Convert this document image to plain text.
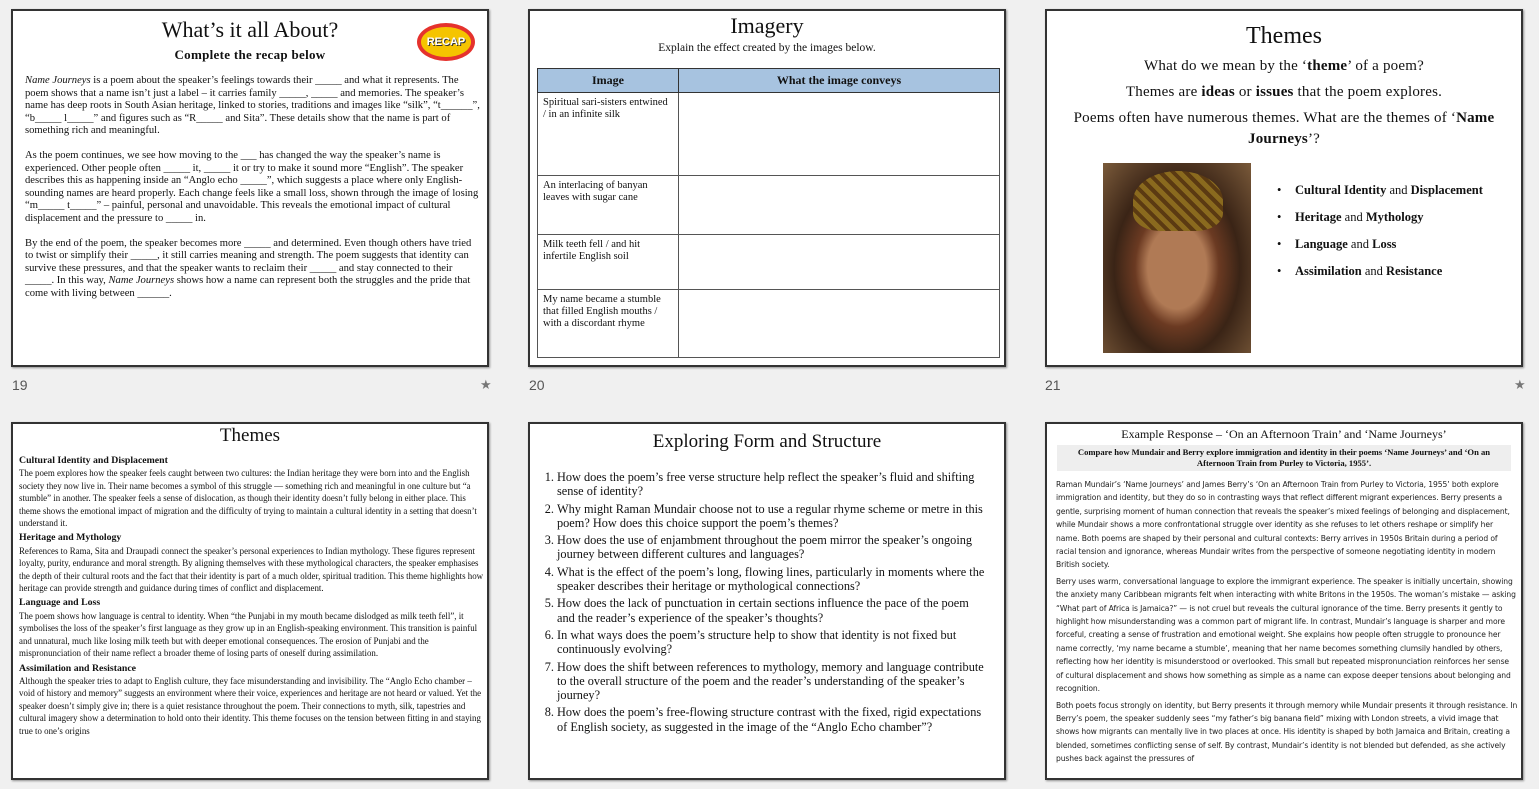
What’s it all About?
Complete the recap below
RECAP

Name Journeys is a poem about the speaker’s feelings towards their _____ and what it represents. The poem shows that a name isn’t just a label – it carries family _____, _____ and memories. The speaker’s name has deep roots in South Asian heritage, linked to stories, traditions and images like “silk”, “t______”, “b_____ l_____” and figures such as “R_____ and Sita”. These details show that the name is part of something rich and meaningful.

As the poem continues, we see how moving to the ___ has changed the way the speaker’s name is experienced. Other people often _____ it, _____ it or try to make it sound more “English”. The speaker describes this as happening inside an “Anglo echo _____”, which suggests a place where only English-sounding names are heard properly. Each change feels like a small loss, shown through the image of losing “m_____ t_____” – painful, personal and unavoidable. This reveals the emotional impact of cultural displacement and the pressure to _____ in.

By the end of the poem, the speaker becomes more _____ and determined. Even though others have tried to twist or simplify their _____, it still carries meaning and strength. The poem suggests that identity can survive these pressures, and that the speaker wants to reclaim their _____ and stay connected to their _____. In this way, Name Journeys shows how a name can represent both the struggles and the pride that come with living between ______.

19	★
Imagery
Explain the effect created by the images below.
Image	What the image conveys
Spiritual sari-sisters entwined / in an infinite silk	
An interlacing of banyan leaves with sugar cane	
Milk teeth fell / and hit infertile English soil	
My name became a stumble that filled English mouths / with a discordant rhyme	
20
Themes

What do we mean by the ‘theme’ of a poem?

Themes are ideas or issues that the poem explores.

Poems often have numerous themes. What are the themes of ‘Name Journeys’?

• Cultural Identity and Displacement
• Heritage and Mythology
• Language and Loss
• Assimilation and Resistance
21	★
Themes
Cultural Identity and Displacement

The poem explores how the speaker feels caught between two cultures: the Indian heritage they were born into and the English society they now live in. Their name becomes a symbol of this struggle — something rich and meaningful in one culture but “a stumble” in another. The speaker feels a sense of dislocation, as though their identity doesn’t fully belong in either place. This theme shows the emotional impact of migration and the difficulty of trying to maintain a cultural identity in a setting that doesn’t understand it.

Heritage and Mythology

References to Rama, Sita and Draupadi connect the speaker’s personal experiences to Indian mythology. These figures represent loyalty, purity, endurance and moral strength. By aligning themselves with these mythological characters, the speaker emphasises the depth of their cultural roots and the fact that their identity is part of a much older, spiritual tradition. This theme highlights how heritage can provide strength and guidance during times of conflict and displacement.

Language and Loss

The poem shows how language is central to identity. When “the Punjabi in my mouth became dislodged as milk teeth fell”, it symbolises the loss of the speaker’s first language as they grow up in an English-speaking environment. This transition is painful and unnatural, much like losing milk teeth but with deeper emotional consequences. The erosion of Punjabi and the mispronunciation of their name reflect a broader theme of losing parts of oneself during assimilation.

Assimilation and Resistance

Although the speaker tries to adapt to English culture, they face misunderstanding and invisibility. The “Anglo Echo chamber – void of history and memory” suggests an environment where their voice, experiences and heritage are not heard or valued. Yet the speaker doesn’t simply give in; there is a quiet resistance throughout the poem. Their connections to myth, silk, tapestries and cultural imagery show a determination to hold onto their identity. This theme focuses on the tension between fitting in and staying true to one’s origins

Exploring Form and Structure
1. How does the poem’s free verse structure help reflect the speaker’s fluid and shifting sense of identity?
2. Why might Raman Mundair choose not to use a regular rhyme scheme or metre in this poem? How does this choice support the poem’s themes?
3. How does the use of enjambment throughout the poem mirror the speaker’s ongoing journey between different cultures and languages?
4. What is the effect of the poem’s long, flowing lines, particularly in moments where the speaker describes their heritage or mythological connections?
5. How does the lack of punctuation in certain sections influence the pace of the poem and the reader’s experience of the speaker’s thoughts?
6. In what ways does the poem’s structure help to show that identity is not fixed but continuously evolving?
7. How does the shift between references to mythology, memory and language contribute to the overall structure of the poem and the reader’s understanding of the speaker’s journey?
8. How does the poem’s free-flowing structure contrast with the fixed, rigid expectations of English society, as suggested in the image of the “Anglo Echo chamber”?
Example Response – ‘On an Afternoon Train’ and ‘Name Journeys’
Compare how Mundair and Berry explore immigration and identity in their poems ‘Name Journeys’ and ‘On an Afternoon Train from Purley to Victoria, 1955’.

Raman Mundair’s ‘Name Journeys’ and James Berry’s ‘On an Afternoon Train from Purley to Victoria, 1955’ both explore immigration and identity, but they do so in contrasting ways that reflect different migrant experiences. Berry presents a gentle, surprising moment of human connection that reveals the speaker’s mixed feelings of belonging and displacement, while Mundair shows a more confrontational struggle over identity as she refuses to let others reshape or simplify her name. Both poems are shaped by their personal and cultural contexts: Berry arrives in 1950s Britain during a period of racial tension and ignorance, whereas Mundair writes from the perspective of someone negotiating identity in modern British society.

Berry uses warm, conversational language to explore the immigrant experience. The speaker is initially uncertain, showing the anxiety many Caribbean migrants felt when interacting with white Britons in the 1950s. The woman’s mistake — asking “What part of Africa is Jamaica?” — is not cruel but reveals the cultural ignorance of the time. Berry presents it gently to highlight how misunderstanding was a common part of migrant life. In contrast, Mundair’s language is sharper and more forceful, creating a sense of frustration and emotional weight. She explains how people often struggle to pronounce her name correctly, ‘my name became a stumble’, meaning that her name becomes something clumsily handled by others, reflecting how her identity is misunderstood or overlooked. This small but repeated mispronunciation reinforces her sense of cultural displacement and shows how something as simple as a name can expose deeper tensions about belonging and recognition.

Both poets focus strongly on identity, but Berry presents it through memory while Mundair presents it through resistance. In Berry’s poem, the speaker suddenly sees “my father’s big banana field” mixing with London streets, a vivid image that shows how migrants can mentally live in two places at once. His identity is shaped by both Jamaica and Britain, creating a blended, sometimes conflicting sense of self. By contrast, Mundair’s identity is not blended but defended, as she actively pushes back against the pressures of
